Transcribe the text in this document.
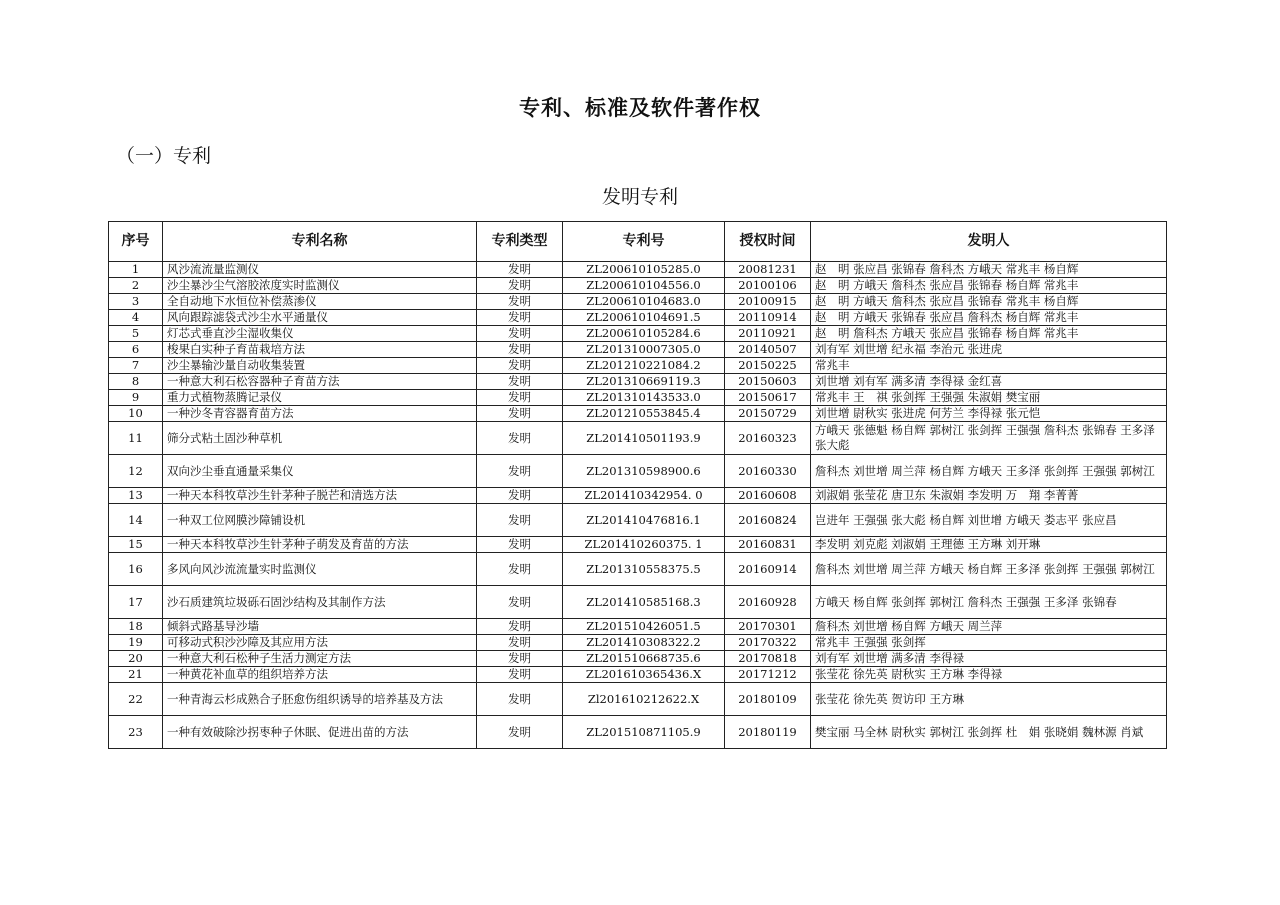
专利、标准及软件著作权
（一）专利
发明专利
序号	专利名称	专利类型	专利号	授权时间	发明人
1	风沙流流量监测仪	发明	ZL200610105285.0	20081231	赵　明 张应昌 张锦春 詹科杰 方峨天 常兆丰 杨自辉
2	沙尘暴沙尘气溶胶浓度实时监测仪	发明	ZL200610104556.0	20100106	赵　明 方峨天 詹科杰 张应昌 张锦春 杨自辉 常兆丰
3	全自动地下水恒位补偿蒸渗仪	发明	ZL200610104683.0	20100915	赵　明 方峨天 詹科杰 张应昌 张锦春 常兆丰 杨自辉
4	风向跟踪滤袋式沙尘水平通量仪	发明	ZL200610104691.5	20110914	赵　明 方峨天 张锦春 张应昌 詹科杰 杨自辉 常兆丰
5	灯芯式垂直沙尘湿收集仪	发明	ZL200610105284.6	20110921	赵　明 詹科杰 方峨天 张应昌 张锦春 杨自辉 常兆丰
6	梭果白实种子育苗栽培方法	发明	ZL201310007305.0	20140507	刘有军 刘世增 纪永福 李治元 张进虎
7	沙尘暴输沙量自动收集装置	发明	ZL201210221084.2	20150225	常兆丰
8	一种意大利石松容器种子育苗方法	发明	ZL201310669119.3	20150603	刘世增 刘有军 满多清 李得禄 金红喜
9	重力式植物蒸腾记录仪	发明	ZL201310143533.0	20150617	常兆丰 王　祺 张剑挥 王强强 朱淑娟 樊宝丽
10	一种沙冬青容器育苗方法	发明	ZL201210553845.4	20150729	刘世增 尉秋实 张进虎 何芳兰 李得禄 张元恺
11	筛分式粘土固沙种草机	发明	ZL201410501193.9	20160323	方峨天 张德魁 杨自辉 郭树江 张剑挥 王强强 詹科杰 张锦春 王多泽 张大彪
12	双向沙尘垂直通量采集仪	发明	ZL201310598900.6	20160330	詹科杰 刘世增 周兰萍 杨自辉 方峨天 王多泽 张剑挥 王强强 郭树江
13	一种天本科牧草沙生针茅种子脱芒和清选方法	发明	ZL201410342954. 0	20160608	刘淑娟 张莹花 唐卫东 朱淑娟 李发明 万　翔 李菁菁
14	一种双工位网膜沙障铺设机	发明	ZL201410476816.1	20160824	岂进年 王强强 张大彪 杨自辉 刘世增 方峨天 娄志平 张应昌
15	一种天本科牧草沙生针茅种子萌发及育苗的方法	发明	ZL201410260375. 1	20160831	李发明 刘克彪 刘淑娟 王理德 王方琳 刘开琳
16	多风向风沙流流量实时监测仪	发明	ZL201310558375.5	20160914	詹科杰 刘世增 周兰萍 方峨天 杨自辉 王多泽 张剑挥 王强强 郭树江
17	沙石质建筑垃圾砾石固沙结构及其制作方法	发明	ZL201410585168.3	20160928	方峨天 杨自辉 张剑挥 郭树江 詹科杰 王强强 王多泽 张锦春
18	倾斜式路基导沙墙	发明	ZL201510426051.5	20170301	詹科杰 刘世增 杨自辉 方峨天 周兰萍
19	可移动式积沙沙障及其应用方法	发明	ZL201410308322.2	20170322	常兆丰 王强强 张剑挥
20	一种意大利石松种子生活力测定方法	发明	ZL201510668735.6	20170818	刘有军 刘世增 满多清 李得禄
21	一种黄花补血草的组织培养方法	发明	ZL201610365436.X	20171212	张莹花 徐先英 尉秋实 王方琳 李得禄
22	一种青海云杉成熟合子胚愈伤组织诱导的培养基及方法	发明	Zl201610212622.X	20180109	张莹花 徐先英 贺访印 王方琳
23	一种有效破除沙拐枣种子休眠、促进出苗的方法	发明	ZL201510871105.9	20180119	樊宝丽 马全林 尉秋实 郭树江 张剑挥 杜　娟 张晓娟 魏林源 肖斌
